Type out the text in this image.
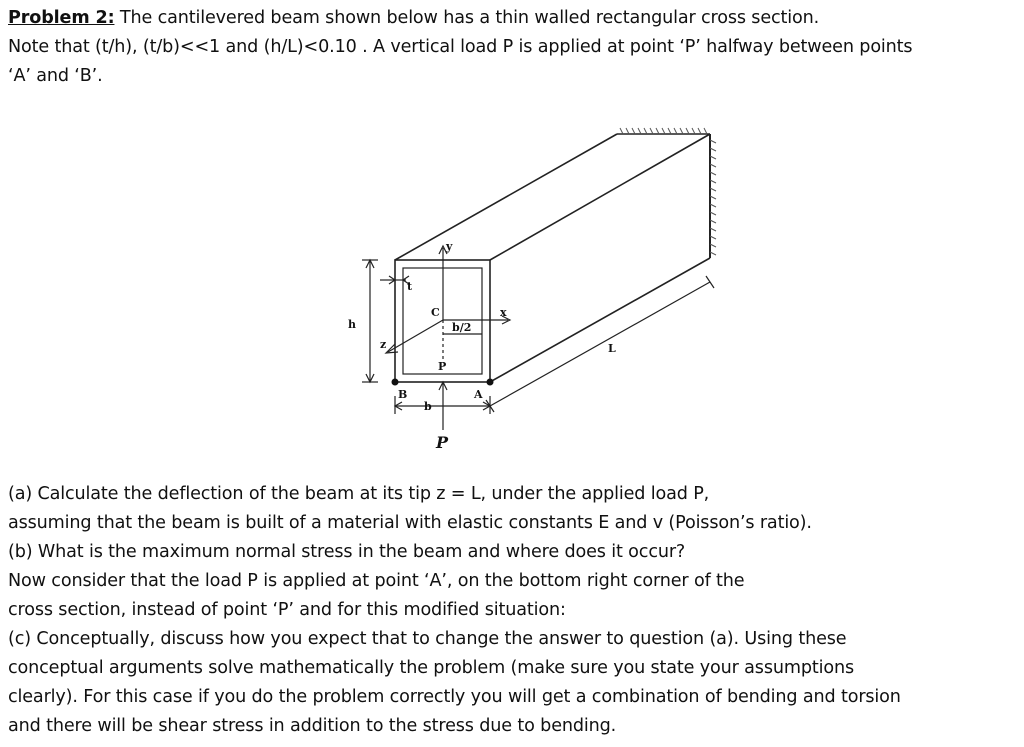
Problem 2: The cantilevered beam shown below has a thin walled rectangular cross section.
Note that (t/h), (t/b)<<1 and (h/L)<0.10 . A vertical load P is applied at point ‘P’ halfway between points
‘A’ and ‘B’.
y
t
h
C	x
b/2
z
P
B	A
b
P
L
(a) Calculate the deflection of the beam at its tip z = L, under the applied load P,
assuming that the beam is built of a material with elastic constants E and v (Poisson’s ratio).
(b) What is the maximum normal stress in the beam and where does it occur?
Now consider that the load P is applied at point ‘A’, on the bottom right corner of the
cross section, instead of point ‘P’ and for this modified situation:
(c) Conceptually, discuss how you expect that to change the answer to question (a). Using these
conceptual arguments solve mathematically the problem (make sure you state your assumptions
clearly). For this case if you do the problem correctly you will get a combination of bending and torsion
and there will be shear stress in addition to the stress due to bending.
